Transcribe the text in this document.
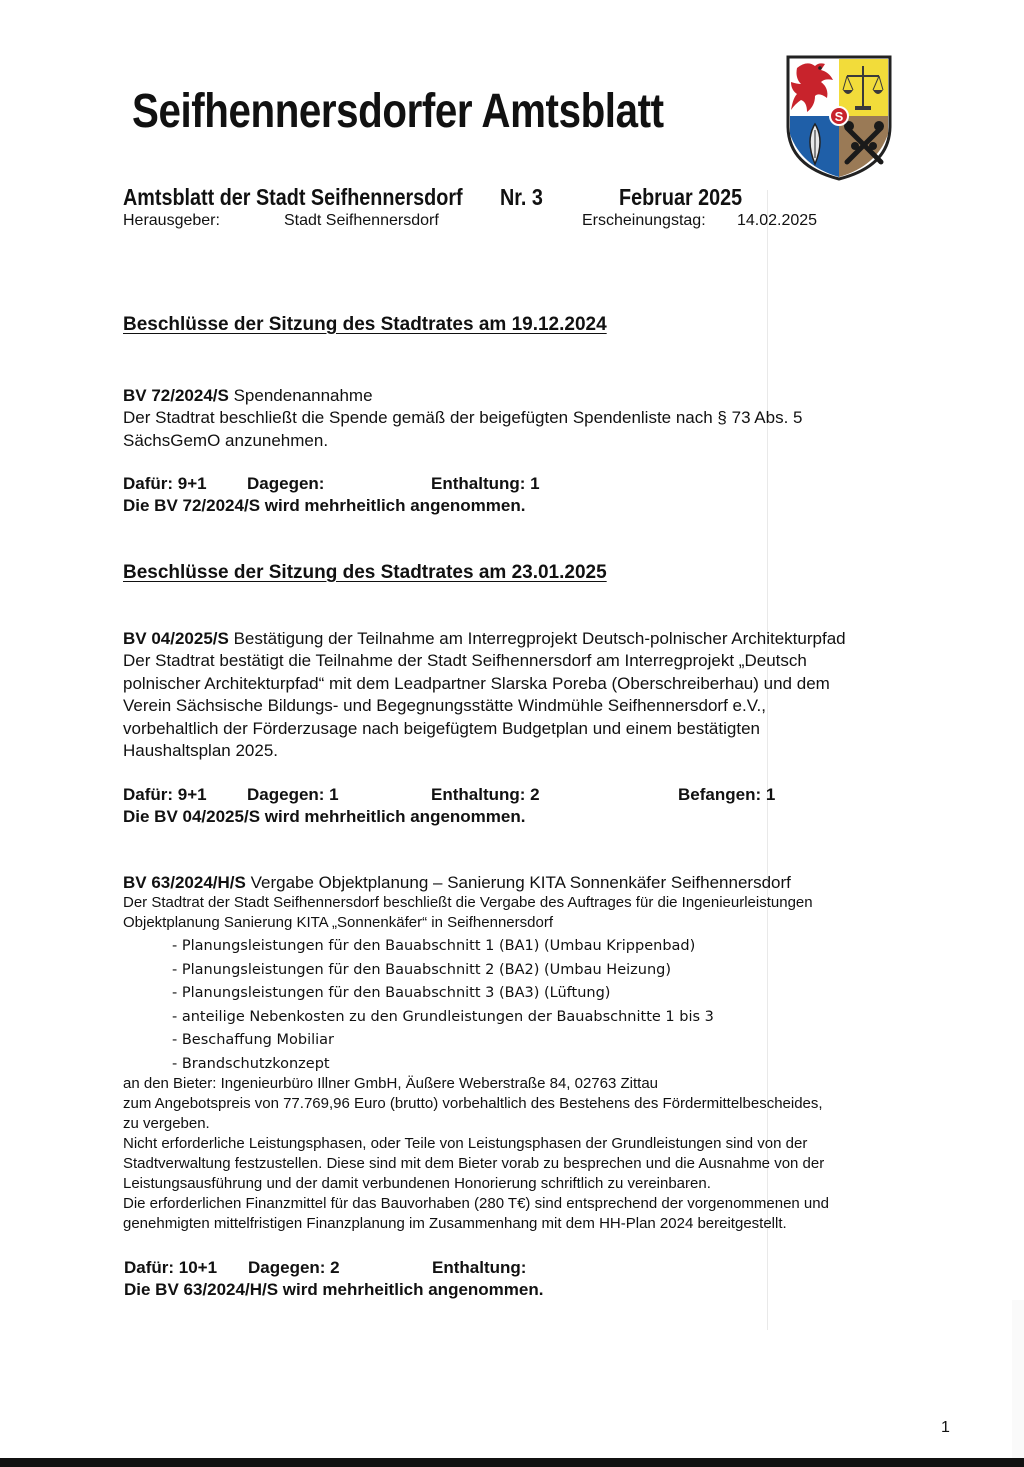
Seifhennersdorfer Amtsblatt	S
Amtsblatt der Stadt Seifhennersdorf Nr. 3	Februar 2025
Herausgeber:	Stadt Seifhennersdorf	Erscheinungstag: 14.02.2025
Beschlüsse der Sitzung des Stadtrates am 19.12.2024
BV 72/2024/S Spendenannahme
Der Stadtrat beschließt die Spende gemäß der beigefügten Spendenliste nach § 73 Abs. 5
SächsGemO anzunehmen.
Dafür: 9+1 Dagegen:	Enthaltung: 1
Die BV 72/2024/S wird mehrheitlich angenommen.
Beschlüsse der Sitzung des Stadtrates am 23.01.2025
BV 04/2025/S Bestätigung der Teilnahme am Interregprojekt Deutsch-polnischer Architekturpfad
Der Stadtrat bestätigt die Teilnahme der Stadt Seifhennersdorf am Interregprojekt „Deutsch
polnischer Architekturpfad“ mit dem Leadpartner Slarska Poreba (Oberschreiberhau) und dem
Verein Sächsische Bildungs- und Begegnungsstätte Windmühle Seifhennersdorf e.V.,
vorbehaltlich der Förderzusage nach beigefügtem Budgetplan und einem bestätigten
Haushaltsplan 2025.
Dafür: 9+1 Dagegen: 1	Enthaltung: 2	Befangen: 1
Die BV 04/2025/S wird mehrheitlich angenommen.
BV 63/2024/H/S Vergabe Objektplanung – Sanierung KITA Sonnenkäfer Seifhennersdorf
Der Stadtrat der Stadt Seifhennersdorf beschließt die Vergabe des Auftrages für die Ingenieurleistungen
Objektplanung Sanierung KITA „Sonnenkäfer“ in Seifhennersdorf
- Planungsleistungen für den Bauabschnitt 1 (BA1) (Umbau Krippenbad)
- Planungsleistungen für den Bauabschnitt 2 (BA2) (Umbau Heizung)
- Planungsleistungen für den Bauabschnitt 3 (BA3) (Lüftung)
- anteilige Nebenkosten zu den Grundleistungen der Bauabschnitte 1 bis 3
- Beschaffung Mobiliar
- Brandschutzkonzept
an den Bieter: Ingenieurbüro Illner GmbH, Äußere Weberstraße 84, 02763 Zittau
zum Angebotspreis von 77.769,96 Euro (brutto) vorbehaltlich des Bestehens des Fördermittelbescheides,
zu vergeben.
Nicht erforderliche Leistungsphasen, oder Teile von Leistungsphasen der Grundleistungen sind von der
Stadtverwaltung festzustellen. Diese sind mit dem Bieter vorab zu besprechen und die Ausnahme von der
Leistungsausführung und der damit verbundenen Honorierung schriftlich zu vereinbaren.
Die erforderlichen Finanzmittel für das Bauvorhaben (280 T€) sind entsprechend der vorgenommenen und
genehmigten mittelfristigen Finanzplanung im Zusammenhang mit dem HH-Plan 2024 bereitgestellt.
Dafür: 10+1 Dagegen: 2	Enthaltung:
Die BV 63/2024/H/S wird mehrheitlich angenommen.
1
